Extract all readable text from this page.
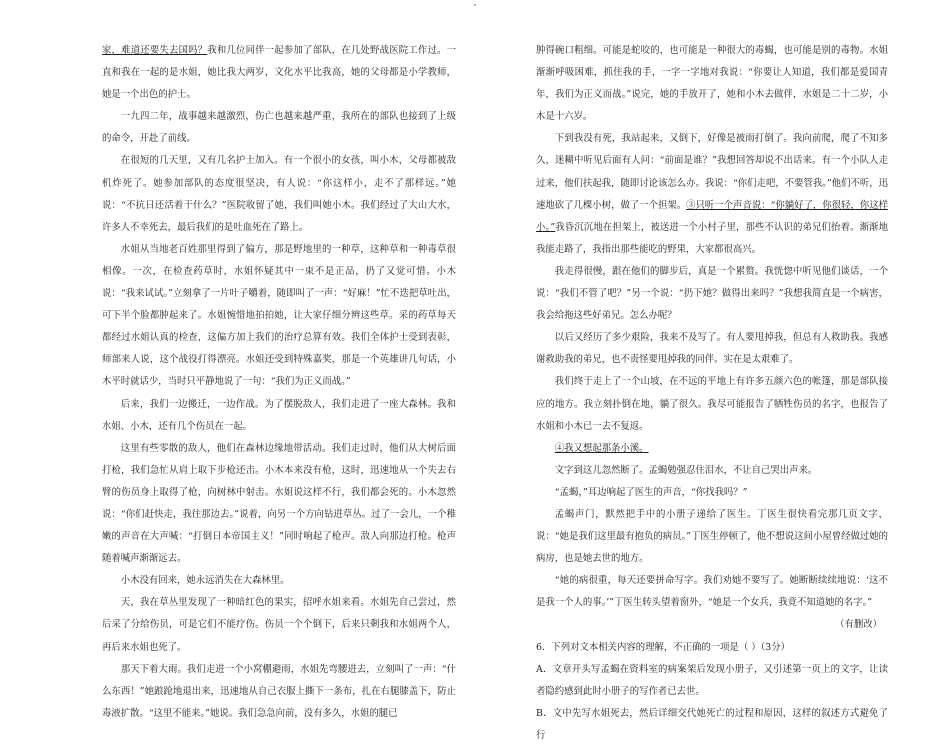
家，难道还要失去国吗？我和几位同伴一起参加了部队，在几处野战医院工作过。一直和我在一起的是水姐，她比我大两岁，文化水平比我高，她的父母都是小学教师，她是一个出色的护士。

一九四二年，战事越来越激烈，伤亡也越来越严重，我所在的部队也接到了上级的命令，开赴了前线。

在很短的几天里，又有几名护士加入。有一个很小的女孩，叫小木，父母都被敌机炸死了。她参加部队的态度很坚决，有人说：“你这样小，走不了那样远。”她说：“不抗日还活着干什么？”医院收留了她，我们叫她小木。我们经过了大山大水，许多人不幸死去，最后我们的是吐血死在了路上。

水姐从当地老百姓那里得到了偏方，那是野地里的一种草，这种草和一种毒草很相像。一次，在检查药草时，水姐怀疑其中一束不是正品，扔了又觉可惜。小木说：“我来试试。”立刻拿了一片叶子嚼着，随即叫了一声：“好麻！”忙不迭把草吐出，可下半个脸都肿起来了。水姐惋惜地拍拍她，让大家仔细分辨这些草。采的药草每天都经过水姐认真的检查，这偏方加上我们的治疗总算有效。我们全体护士受到表彰，师部来人说，这个战役打得漂亮。水姐还受到特殊嘉奖，那是一个英雄讲几句话，小木平时就话少，当时只平静地说了一句：“我们为正义而战。”

后来，我们一边搬迁，一边作战。为了摆脱敌人，我们走进了一座大森林。我和水姐、小木，还有几个伤员在一起。

这里有些零散的敌人，他们在森林边缘地带活动。我们走过时，他们从大树后面打枪，我们急忙从肩上取下步枪还击。小木本来没有枪，这时，迅速地从一个失去右臂的伤员身上取得了枪，向树林中射击。水姐说这样不行，我们都会死的。小木忽然说：“你们赶快走，我往那边去。”说着，向另一个方向钻进草丛。过了一会儿，一个稚嫩的声音在大声喊：“打倒日本帝国主义！”同时响起了枪声。敌人向那边打枪。枪声随着喊声渐渐远去。

小木没有回来，她永远消失在大森林里。

天，我在草丛里发现了一种暗红色的果实，招呼水姐来看。水姐先自己尝过，然后采了分给伤员，可是它们不能疗伤。伤员一个个倒下，后来只剩我和水姐两个人，再后来水姐也死了。

那天下着大雨。我们走进一个小窝棚避雨，水姐先弯腰进去，立刻叫了一声：“什么东西！”她踉跄地退出来，迅速地从自己衣服上撕下一条布，扎在右腿膝盖下，防止毒液扩散。“这里不能来。”她说。我们急急向前，没有多久，水姐的腿已

肿得碗口粗细。可能是蛇咬的，也可能是一种很大的毒蝎，也可能是别的毒物。水姐渐渐呼吸困难，抓住我的手，一字一字地对我说：“你要让人知道，我们都是爱国青年，我们为正义而战。”说完，她的手放开了，她和小木去做伴，水姐是二十二岁，小木是十六岁。

下到我没有死，我站起来，又倒下，好像是被雨打倒了。我向前爬，爬了不知多久，迷糊中听见后面有人问：“前面是谁？”我想回答却说不出话来。有一个小队人走过来，他们扶起我，随即讨论该怎么办。我说：“你们走吧，不要管我。”他们不听，迅速地砍了几棵小树，做了一个担架。③只听一个声音说：“你躺好了，你很轻，你这样小。”我昏沉沉地在担架上，被送进一个小村子里，那些不认识的弟兄们抬着。渐渐地我能走路了，我指出那些能吃的野果，大家都很高兴。

我走得很慢，跟在他们的脚步后，真是一个累赘。我恍惚中听见他们谈话，一个说：“我们不管了吧？”另一个说：“扔下她？做得出来吗？”我想我简直是一个病害，我会给拖这些好弟兄。怎么办呢？

以后又经历了多少艰险，我来不及写了。有人要甩掉我，但总有人救助我。我感谢救助我的弟兄，也不责怪要甩掉我的同伴。实在是太艰难了。

我们终于走上了一个山坡，在不远的平地上有许多五颜六色的帐篷，那是部队接应的地方。我立刻扑倒在地，躺了很久。我尽可能报告了牺牲伤员的名字，也报告了水姐和小木已一去不复返。

④我又想起那条小溪。

文字到这儿忽然断了。孟蝎勉强忍住泪水，不让自己哭出声来。

“孟蝎，”耳边响起了医生的声音，“你找我吗？”

孟蝎声门，默然把手中的小册子递给了医生。丁医生很快看完那几页文字，说：“她是我们这里最有抱负的病员。”丁医生停顿了，他不想说这间小屋曾经做过她的病房，也是她去世的地方。

“她的病很重，每天还要拼命写字。我们劝她不要写了。她断断续续地说：‘这不是我一个人的事。’”丁医生转头望着窗外，“她是一个女兵，我竟不知道她的名字。”

（有删改）

6．下列对文本相关内容的理解，不正确的一项是（ ）（3分）

A．文章开头写孟蝎在资料室的病案架后发现小册子，又引述第一页上的文字，让读者隐约感到此时小册子的写作者已去世。

B．文中先写水姐死去，然后详细交代她死亡的过程和原因，这样的叙述方式避免了行
